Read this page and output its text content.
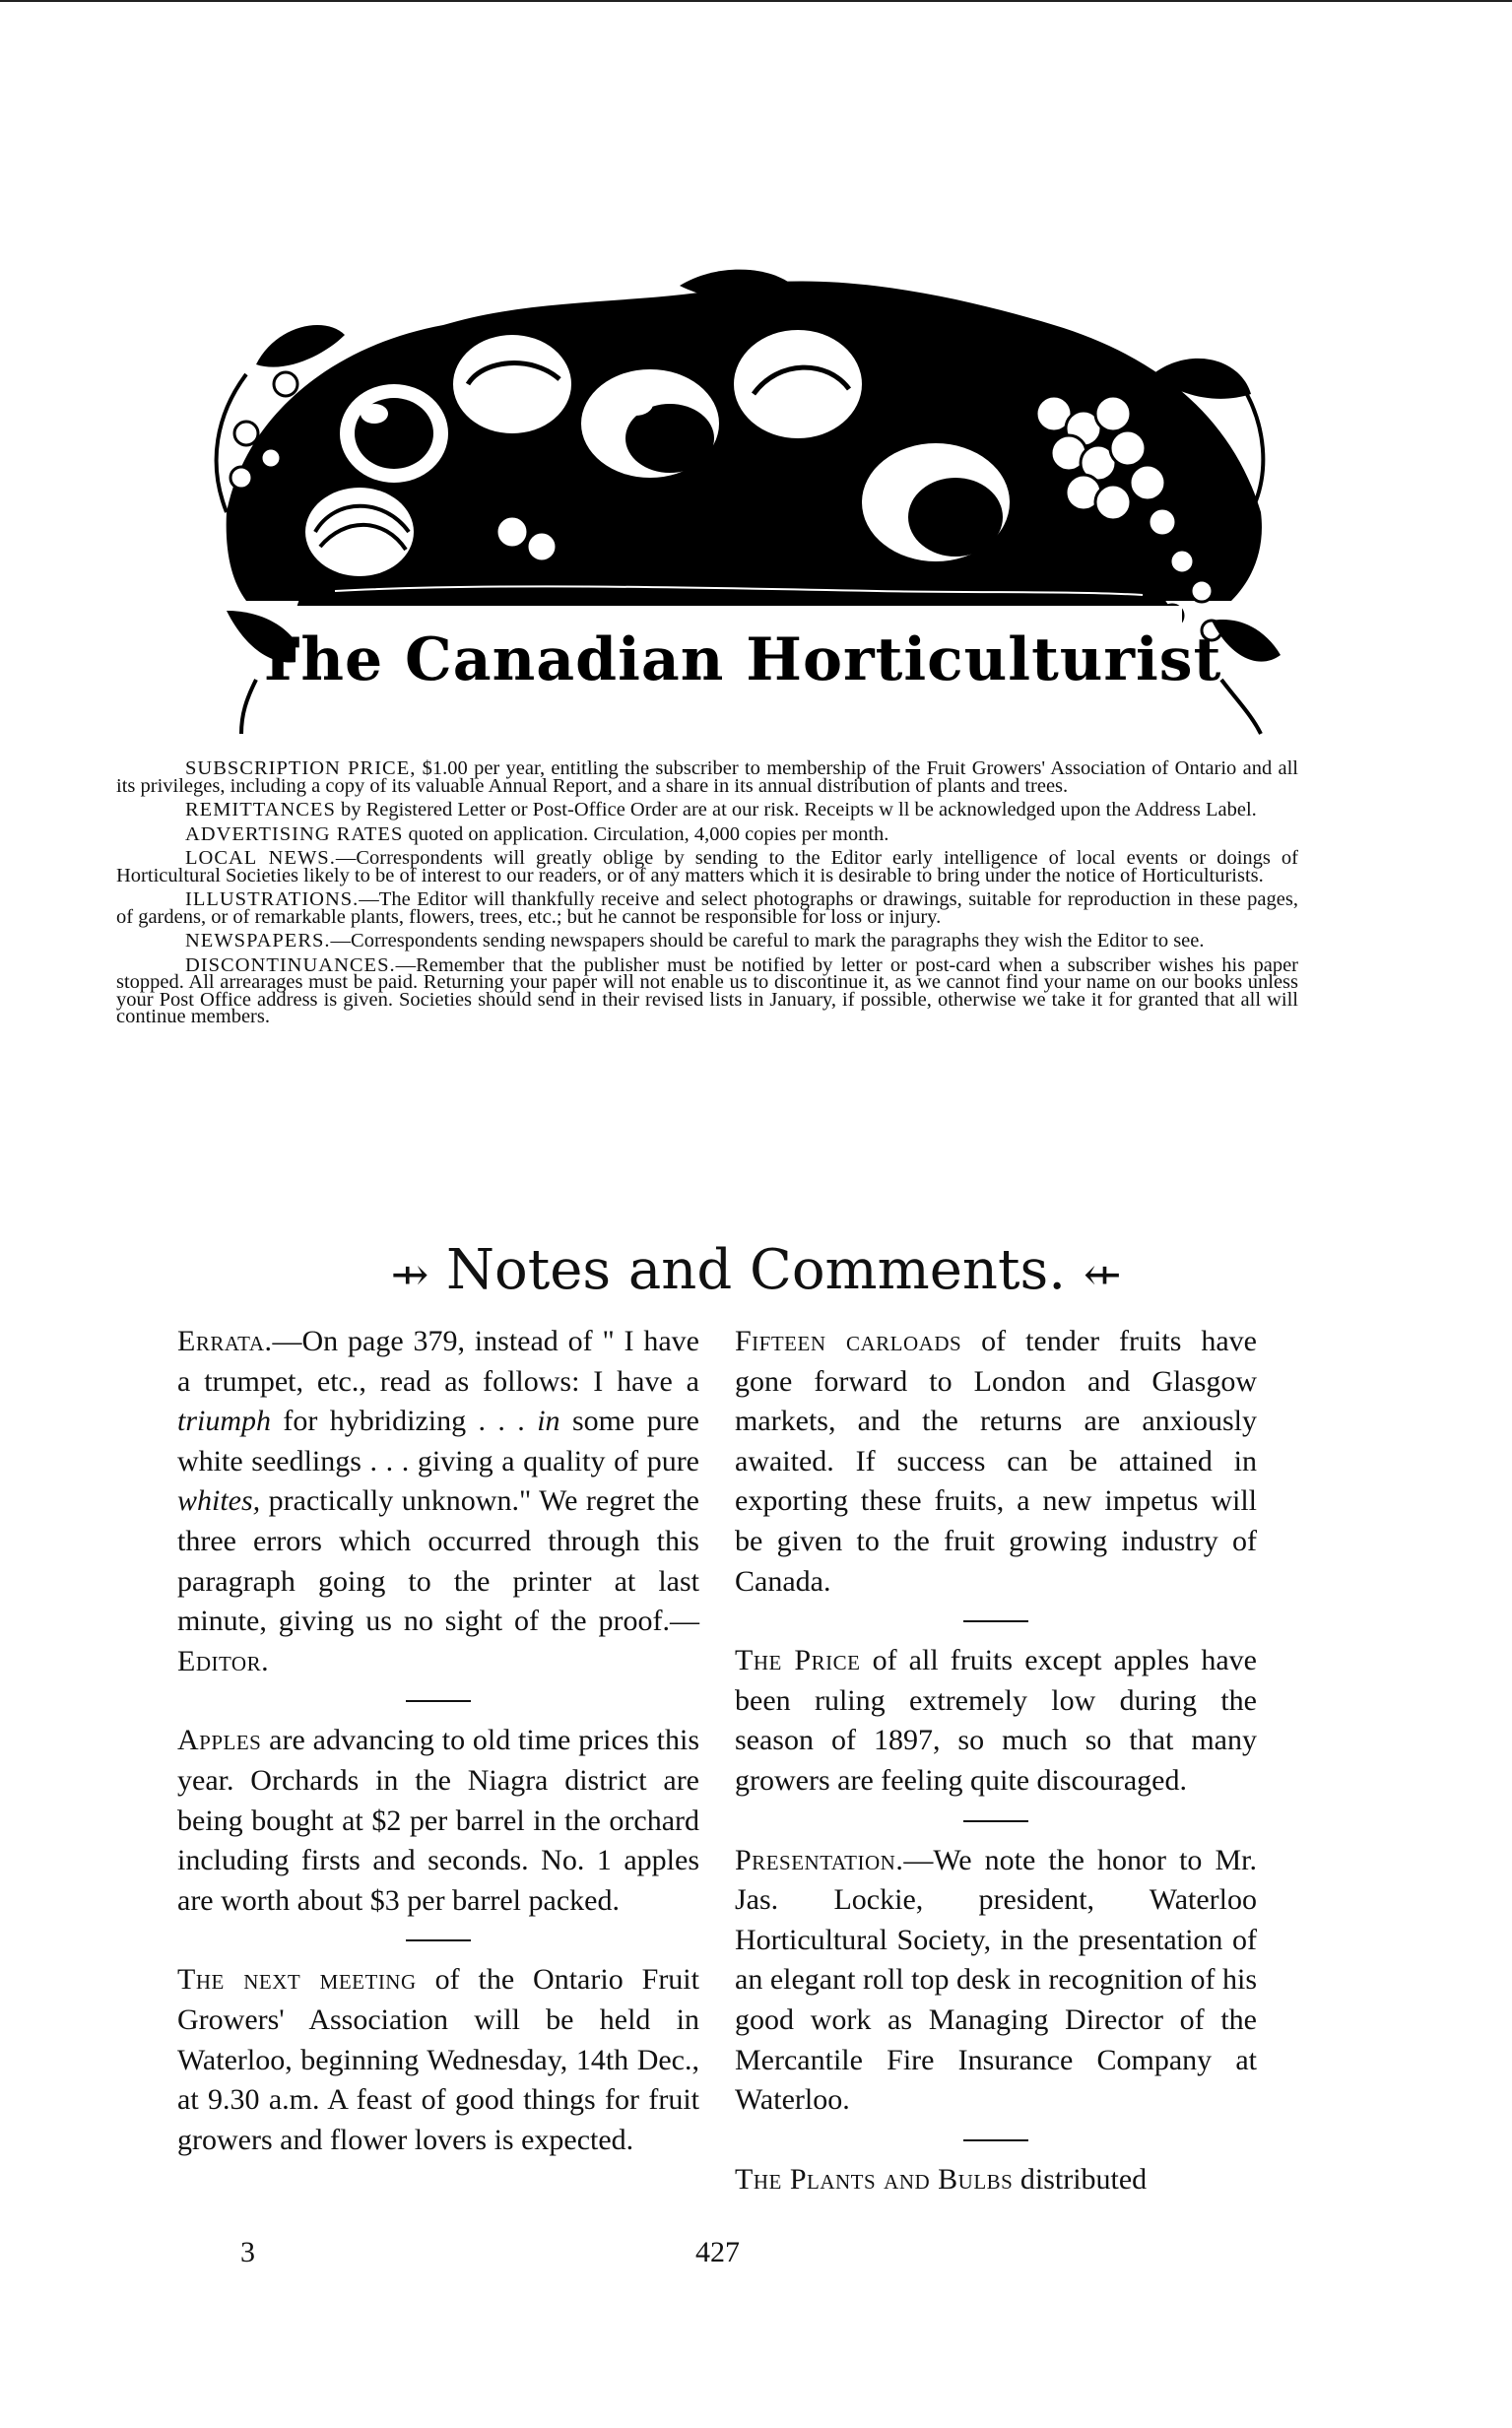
The Canadian Horticulturist

SUBSCRIPTION PRICE, $1.00 per year, entitling the subscriber to membership of the Fruit Growers' Association of Ontario and all its privileges, including a copy of its valuable Annual Report, and a share in its annual distribution of plants and trees.

REMITTANCES by Registered Letter or Post-Office Order are at our risk. Receipts w ll be acknowledged upon the Address Label.

ADVERTISING RATES quoted on application. Circulation, 4,000 copies per month.

LOCAL NEWS.—Correspondents will greatly oblige by sending to the Editor early intelligence of local events or doings of Horticultural Societies likely to be of interest to our readers, or of any matters which it is desirable to bring under the notice of Horticulturists.

ILLUSTRATIONS.—The Editor will thankfully receive and select photographs or drawings, suitable for reproduction in these pages, of gardens, or of remarkable plants, flowers, trees, etc.; but he cannot be responsible for loss or injury.

NEWSPAPERS.—Correspondents sending newspapers should be careful to mark the paragraphs they wish the Editor to see.

DISCONTINUANCES.—Remember that the publisher must be notified by letter or post-card when a subscriber wishes his paper stopped. All arrearages must be paid. Returning your paper will not enable us to discontinue it, as we cannot find your name on our books unless your Post Office address is given. Societies should send in their revised lists in January, if possible, otherwise we take it for granted that all will continue members.

⇸ Notes and Comments. ⇷

Errata.—On page 379, instead of " I have a trumpet, etc., read as follows: I have a triumph for hybridizing . . . in some pure white seedlings . . . giving a quality of pure whites, practically unknown." We regret the three errors which occurred through this paragraph going to the printer at last minute, giving us no sight of the proof.—Editor.

Apples are advancing to old time prices this year. Orchards in the Niagra district are being bought at $2 per barrel in the orchard including firsts and seconds. No. 1 apples are worth about $3 per barrel packed.

The next meeting of the Ontario Fruit Growers' Association will be held in Waterloo, beginning Wednesday, 14th Dec., at 9.30 a.m. A feast of good things for fruit growers and flower lovers is expected.

Fifteen carloads of tender fruits have gone forward to London and Glasgow markets, and the returns are anxiously awaited. If success can be attained in exporting these fruits, a new impetus will be given to the fruit growing industry of Canada.

The Price of all fruits except apples have been ruling extremely low during the season of 1897, so much so that many growers are feeling quite discouraged.

Presentation.—We note the honor to Mr. Jas. Lockie, president, Waterloo Horticultural Society, in the presentation of an elegant roll top desk in recognition of his good work as Managing Director of the Mercantile Fire Insurance Company at Waterloo.

The Plants and Bulbs distributed

3	427
